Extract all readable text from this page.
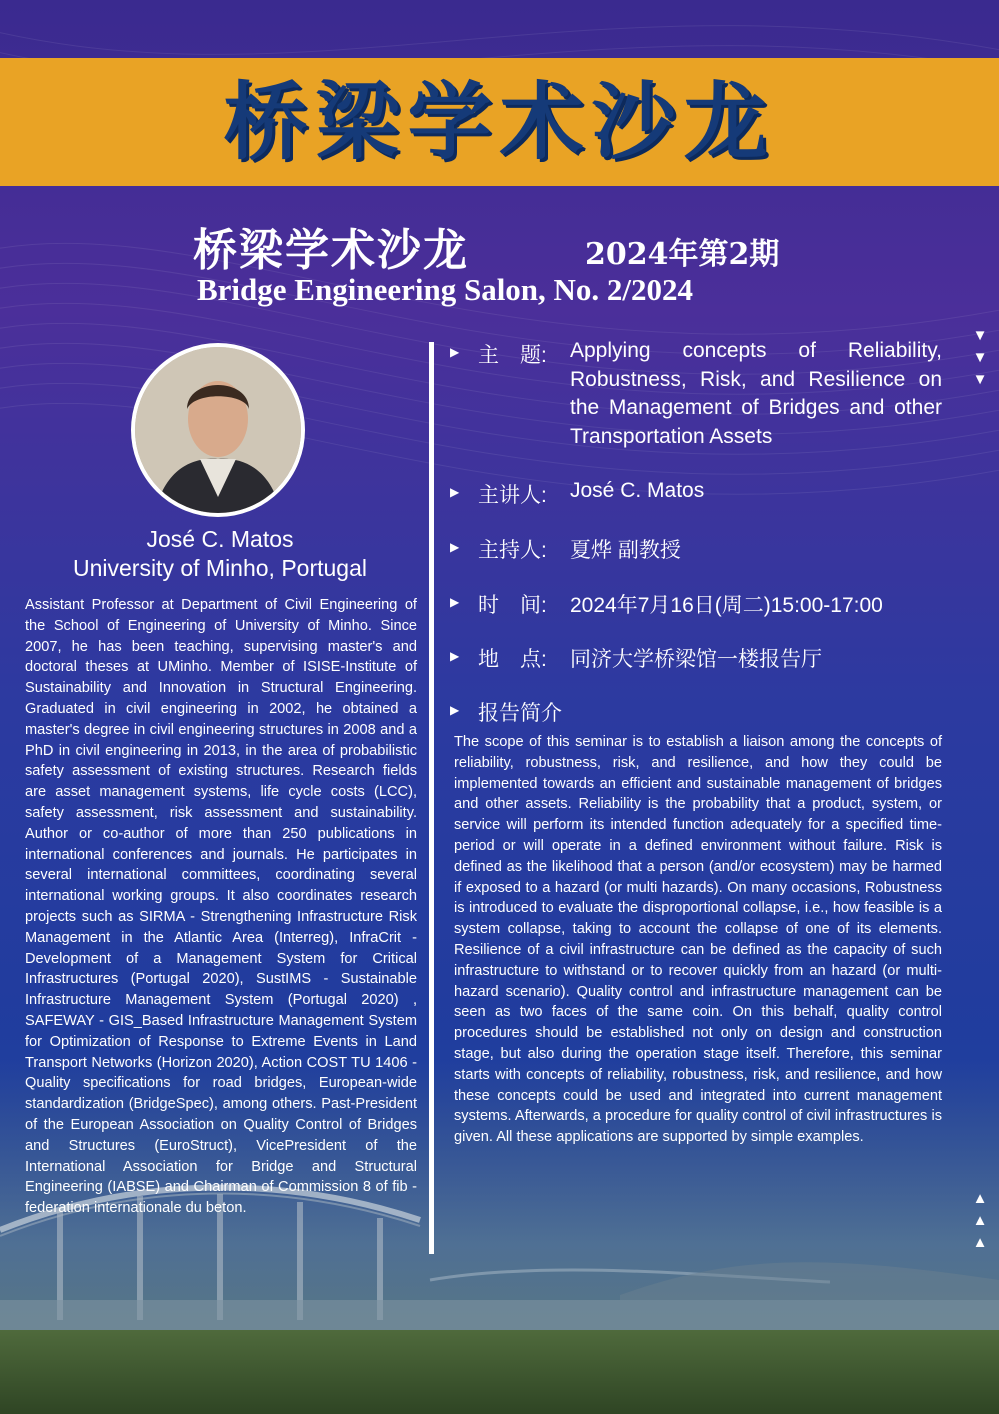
桥梁学术沙龙
桥梁学术沙龙	2024年第2期
Bridge Engineering Salon, No. 2/2024
José C. Matos
University of Minho, Portugal
Assistant Professor at Department of Civil Engineering of the School of Engineering of University of Minho. Since 2007, he has been teaching, supervising master's and doctoral theses at UMinho. Member of ISISE-Institute of Sustainability and Innovation in Structural Engineering. Graduated in civil engineering in 2002, he obtained a master's degree in civil engineering structures in 2008 and a PhD in civil engineering in 2013, in the area of probabilistic safety assessment of existing structures. Research fields are asset management systems, life cycle costs (LCC), safety assessment, risk assessment and sustainability. Author or co-author of more than 250 publications in international conferences and journals. He participates in several international committees, coordinating several international working groups. It also coordinates research projects such as SIRMA - Strengthening Infrastructure Risk Management in the Atlantic Area (Interreg), InfraCrit - Development of a Management System for Critical Infrastructures (Portugal 2020), SustIMS - Sustainable Infrastructure Management System (Portugal 2020) , SAFEWAY - GIS_Based Infrastructure Management System for Optimization of Response to Extreme Events in Land Transport Networks (Horizon 2020), Action COST TU 1406 - Quality specifications for road bridges, European-wide standardization (BridgeSpec), among others. Past-President of the European Association on Quality Control of Bridges and Structures (EuroStruct), VicePresident of the International Association for Bridge and Structural Engineering (IABSE) and Chairman of Commission 8 of fib - federation internationale du beton.
▶ 主　题: Applying concepts of Reliability, Robustness, Risk, and Resilience on the Management of Bridges and other Transportation Assets
▶ 主讲人: José C. Matos
▶ 主持人: 夏烨 副教授
▶ 时　间: 2024年7月16日(周二)15:00-17:00
▶ 地　点: 同济大学桥梁馆一楼报告厅
▶ 报告简介
The scope of this seminar is to establish a liaison among the concepts of reliability, robustness, risk, and resilience, and how they could be implemented towards an efficient and sustainable management of bridges and other assets. Reliability is the probability that a product, system, or service will perform its intended function adequately for a specified time-period or will operate in a defined environment without failure. Risk is defined as the likelihood that a person (and/or ecosystem) may be harmed if exposed to a hazard (or multi hazards). On many occasions, Robustness is introduced to evaluate the disproportional collapse, i.e., how feasible is a system collapse, taking to account the collapse of one of its elements. Resilience of a civil infrastructure can be defined as the capacity of such infrastructure to withstand or to recover quickly from an hazard (or multi-hazard scenario). Quality control and infrastructure management can be seen as two faces of the same coin. On this behalf, quality control procedures should be established not only on design and construction stage, but also during the operation stage itself. Therefore, this seminar starts with concepts of reliability, robustness, risk, and resilience, and how these concepts could be used and integrated into current management systems. Afterwards, a procedure for quality control of civil infrastructures is given. All these applications are supported by simple examples.
▼
▼
▼
▲
▲
▲
